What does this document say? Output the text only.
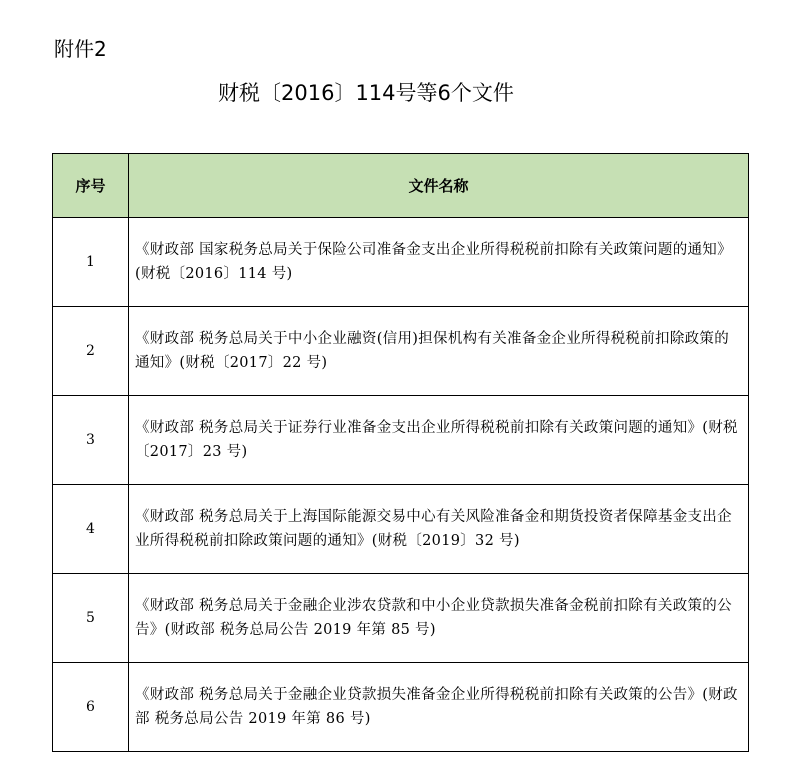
附件2
财税〔2016〕114号等6个文件
序号	文件名称
1	《财政部 国家税务总局关于保险公司准备金支出企业所得税税前扣除有关政策问题的通知》(财税〔2016〕114 号)
2	《财政部 税务总局关于中小企业融资(信用)担保机构有关准备金企业所得税税前扣除政策的通知》(财税〔2017〕22 号)
3	《财政部 税务总局关于证券行业准备金支出企业所得税税前扣除有关政策问题的通知》(财税〔2017〕23 号)
4	《财政部 税务总局关于上海国际能源交易中心有关风险准备金和期货投资者保障基金支出企业所得税税前扣除政策问题的通知》(财税〔2019〕32 号)
5	《财政部 税务总局关于金融企业涉农贷款和中小企业贷款损失准备金税前扣除有关政策的公告》(财政部 税务总局公告 2019 年第 85 号)
6	《财政部 税务总局关于金融企业贷款损失准备金企业所得税税前扣除有关政策的公告》(财政部 税务总局公告 2019 年第 86 号)
